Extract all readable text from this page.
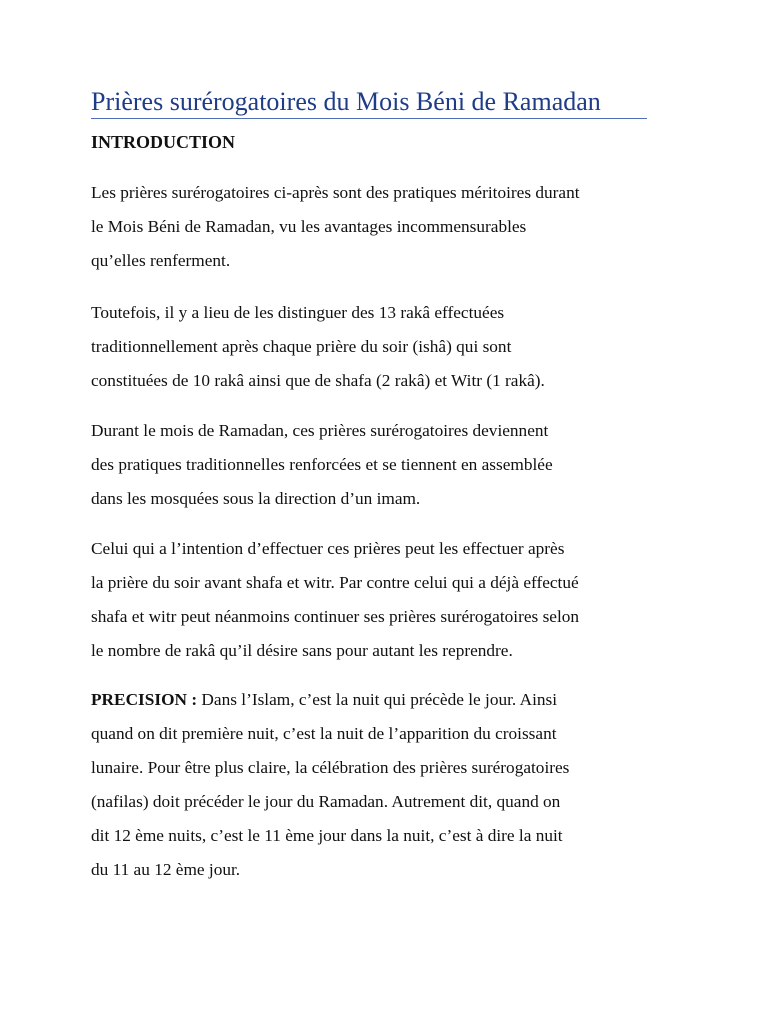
Prières surérogatoires du Mois Béni de Ramadan
INTRODUCTION

Les prières surérogatoires ci-après sont des pratiques méritoires durant
le Mois Béni de Ramadan, vu les avantages incommensurables
qu’elles renferment.

Toutefois, il y a lieu de les distinguer des 13 rakâ effectuées
traditionnellement après chaque prière du soir (ishâ) qui sont
constituées de 10 rakâ ainsi que de shafa (2 rakâ) et Witr (1 rakâ).

Durant le mois de Ramadan, ces prières surérogatoires deviennent
des pratiques traditionnelles renforcées et se tiennent en assemblée
dans les mosquées sous la direction d’un imam.

Celui qui a l’intention d’effectuer ces prières peut les effectuer après
la prière du soir avant shafa et witr. Par contre celui qui a déjà effectué
shafa et witr peut néanmoins continuer ses prières surérogatoires selon
le nombre de rakâ qu’il désire sans pour autant les reprendre.

PRECISION : Dans l’Islam, c’est la nuit qui précède le jour. Ainsi
quand on dit première nuit, c’est la nuit de l’apparition du croissant
lunaire. Pour être plus claire, la célébration des prières surérogatoires
(nafilas) doit précéder le jour du Ramadan. Autrement dit, quand on
dit 12 ème nuits, c’est le 11 ème jour dans la nuit, c’est à dire la nuit
du 11 au 12 ème jour.
